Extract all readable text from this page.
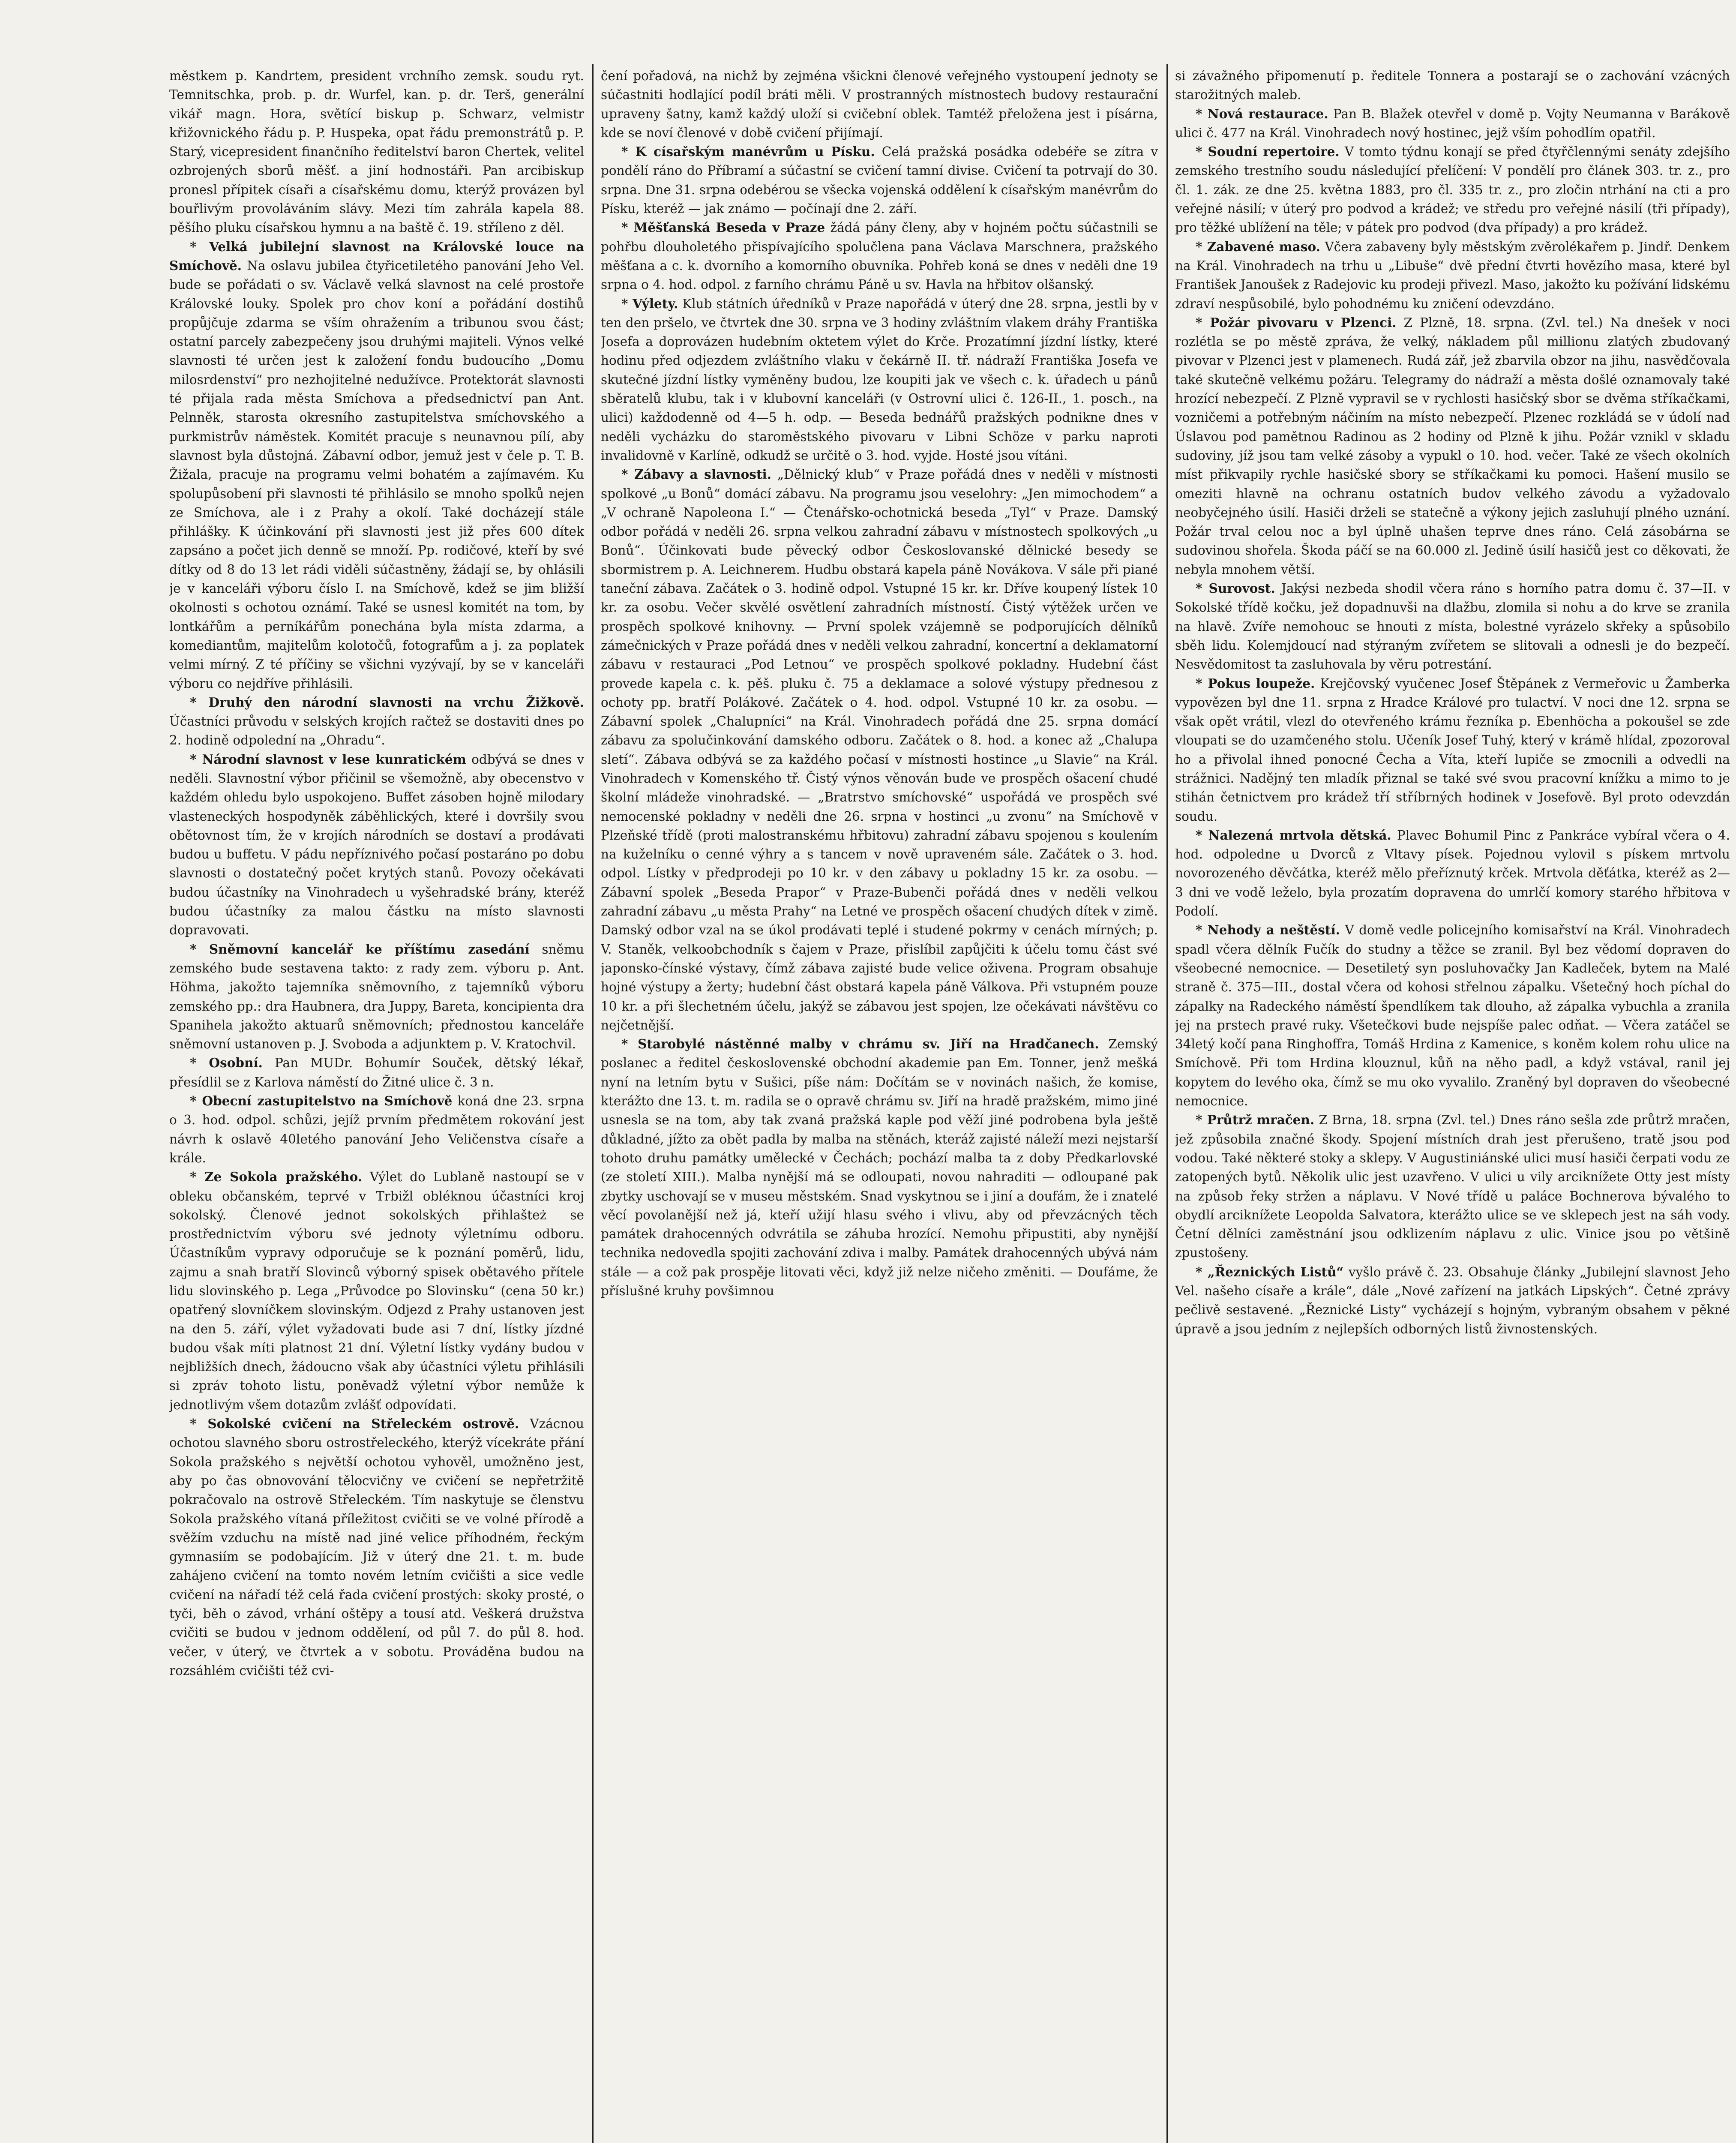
městkem p. Kandrtem, president vrchního zemsk. soudu ryt. Temnitschka, prob. p. dr. Wurfel, kan. p. dr. Terš, generální vikář magn. Hora, světící biskup p. Schwarz, velmistr křižovnického řádu p. P. Huspeka, opat řádu premonstrátů p. P. Starý, vicepresident finančního ředitelství baron Chertek, velitel ozbrojených sborů měšť. a jiní hodnostáři. Pan arcibiskup pronesl přípitek císaři a císařskému domu, kterýž provázen byl bouřlivým provoláváním slávy. Mezi tím zahrála kapela 88. pěšího pluku císařskou hymnu a na baště č. 19. stříleno z děl.

* Velká jubilejní slavnost na Královské louce na Smíchově. Na oslavu jubilea čtyřicetiletého panování Jeho Vel. bude se pořádati o sv. Václavě velká slavnost na celé prostoře Královské louky. Spolek pro chov koní a pořádání dostihů propůjčuje zdarma se vším ohražením a tribunou svou část; ostatní parcely zabezpečeny jsou druhými majiteli. Výnos velké slavnosti té určen jest k založení fondu budoucího „Domu milosrdenství“ pro nezhojitelné nedužívce. Protektorát slavnosti té přijala rada města Smíchova a předsednictví pan Ant. Pelnněk, starosta okresního zastupitelstva smíchovského a purkmistrův náměstek. Komitét pracuje s neunavnou pílí, aby slavnost byla důstojná. Zábavní odbor, jemuž jest v čele p. T. B. Žižala, pracuje na programu velmi bohatém a zajímavém. Ku spolupůsobení při slavnosti té přihlásilo se mnoho spolků nejen ze Smíchova, ale i z Prahy a okolí. Také docházejí stále přihlášky. K účinkování při slavnosti jest již přes 600 dítek zapsáno a počet jich denně se množí. Pp. rodičové, kteří by své dítky od 8 do 13 let rádi viděli súčastněny, žádají se, by ohlásili je v kanceláři výboru číslo I. na Smíchově, kdež se jim bližší okolnosti s ochotou oznámí. Také se usnesl komitét na tom, by lontkářům a perníkářům ponechána byla místa zdarma, a komediantům, majitelům kolotočů, fotografům a j. za poplatek velmi mírný. Z té příčiny se všichni vyzývají, by se v kanceláři výboru co nejdříve přihlásili.

* Druhý den národní slavnosti na vrchu Žižkově. Účastníci průvodu v selských krojích račtež se dostaviti dnes po 2. hodině odpolední na „Ohradu“.

* Národní slavnost v lese kunratickém odbývá se dnes v neděli. Slavnostní výbor přičinil se všemožně, aby obecenstvo v každém ohledu bylo uspokojeno. Buffet zásoben hojně milodary vlasteneckých hospodyněk záběhlických, které i dovršily svou obětovnost tím, že v krojích národních se dostaví a prodávati budou u buffetu. V pádu nepříznivého počasí postaráno po dobu slavnosti o dostatečný počet krytých stanů. Povozy očekávati budou účastníky na Vinohradech u vyšehradské brány, kteréž budou účastníky za malou částku na místo slavnosti dopravovati.

* Sněmovní kancelář ke příštímu zasedání sněmu zemského bude sestavena takto: z rady zem. výboru p. Ant. Höhma, jakožto tajemníka sněmovního, z tajemníků výboru zemského pp.: dra Haubnera, dra Juppy, Bareta, koncipienta dra Spanihela jakožto aktuarů sněmovních; přednostou kanceláře sněmovní ustanoven p. J. Svoboda a adjunktem p. V. Kratochvil.

* Osobní. Pan MUDr. Bohumír Souček, dětský lékař, přesídlil se z Karlova náměstí do Žitné ulice č. 3 n.

* Obecní zastupitelstvo na Smíchově koná dne 23. srpna o 3. hod. odpol. schůzi, jejíž prvním předmětem rokování jest návrh k oslavě 40letého panování Jeho Veličenstva císaře a krále.

* Ze Sokola pražského. Výlet do Lublaně nastoupí se v obleku občanském, teprvé v Trbižl obléknou účastníci kroj sokolský. Členové jednot sokolských přihlašteż se prostřednictvím výboru své jednoty výletnímu odboru. Účastníkům vypravy odporučuje se k poznání poměrů, lidu, zajmu a snah bratří Slovinců výborný spisek obětavého přítele lidu slovinského p. Lega „Průvodce po Slovinsku“ (cena 50 kr.) opatřený slovníčkem slovinským. Odjezd z Prahy ustanoven jest na den 5. září, výlet vyžadovati bude asi 7 dní, lístky jízdné budou však míti platnost 21 dní. Výletní lístky vydány budou v nejbližších dnech, žádoucno však aby účastníci výletu přihlásili si zpráv tohoto listu, poněvadž výletní výbor nemůže k jednotlivým všem dotazům zvlášť odpovídati.

* Sokolské cvičení na Střeleckém ostrově. Vzácnou ochotou slavného sboru ostrostřeleckého, kterýž vícekráte přání Sokola pražského s největší ochotou vyhověl, umožněno jest, aby po čas obnovování tělocvičny ve cvičení se nepřetržitě pokračovalo na ostrově Střeleckém. Tím naskytuje se členstvu Sokola pražského vítaná příležitost cvičiti se ve volné přírodě a svěžím vzduchu na místě nad jiné velice příhodném, řeckým gymnasiím se podobajícím. Již v úterý dne 21. t. m. bude zahájeno cvičení na tomto novém letním cvičišti a sice vedle cvičení na nářadí též celá řada cvičení prostých: skoky prosté, o tyči, běh o závod, vrhání oštěpy a tousí atd. Veškerá družstva cvičiti se budou v jednom oddělení, od půl 7. do půl 8. hod. večer, v úterý, ve čtvrtek a v sobotu. Prováděna budou na rozsáhlém cvičišti též cvi-

čení pořadová, na nichž by zejména všickni členové veřejného vystoupení jednoty se súčastniti hodlající podíl bráti měli. V prostranných místnostech budovy restaurační upraveny šatny, kamž každý uloží si cvičební oblek. Tamtéž přeložena jest i písárna, kde se noví členové v době cvičení přijímají.

* K císařským manévrům u Písku. Celá pražská posádka odebéře se zítra v pondělí ráno do Příbramí a súčastní se cvičení tamní divise. Cvičení ta potrvají do 30. srpna. Dne 31. srpna odebérou se všecka vojenská oddělení k císařským manévrům do Písku, kteréž — jak známo — počínají dne 2. září.

* Měšťanská Beseda v Praze žádá pány členy, aby v hojném počtu súčastnili se pohřbu dlouholetého přispívajícího spolučlena pana Václava Marschnera, pražského měšťana a c. k. dvorního a komorního obuvníka. Pohřeb koná se dnes v neděli dne 19 srpna o 4. hod. odpol. z farního chrámu Páně u sv. Havla na hřbitov olšanský.

* Výlety. Klub státních úředníků v Praze napořádá v úterý dne 28. srpna, jestli by v ten den pršelo, ve čtvrtek dne 30. srpna ve 3 hodiny zvláštním vlakem dráhy Františka Josefa a doprovázen hudebním oktetem výlet do Krče. Prozatímní jízdní lístky, které hodinu před odjezdem zvláštního vlaku v čekárně II. tř. nádraží Františka Josefa ve skutečné jízdní lístky vyměněny budou, lze koupiti jak ve všech c. k. úřadech u pánů sběratelů klubu, tak i v klubovní kanceláři (v Ostrovní ulici č. 126-II., 1. posch., na ulici) každodenně od 4—5 h. odp. — Beseda bednářů pražských podnikne dnes v neděli vycházku do staroměstského pivovaru v Libni Schöze v parku naproti invalidovně v Karlíně, odkudž se určitě o 3. hod. vyjde. Hosté jsou vítáni.

* Zábavy a slavnosti. „Dělnický klub“ v Praze pořádá dnes v neděli v místnosti spolkové „u Bonů“ domácí zábavu. Na programu jsou veselohry: „Jen mimochodem“ a „V ochraně Napoleona I.“ — Čtenářsko-ochotnická beseda „Tyl“ v Praze. Damský odbor pořádá v neděli 26. srpna velkou zahradní zábavu v místnostech spolkových „u Bonů“. Účinkovati bude pěvecký odbor Českoslovanské dělnické besedy se sbormistrem p. A. Leichnerem. Hudbu obstará kapela páně Novákova. V sále při piané taneční zábava. Začátek o 3. hodině odpol. Vstupné 15 kr. kr. Dříve koupený lístek 10 kr. za osobu. Večer skvělé osvětlení zahradních místností. Čistý výtěžek určen ve prospěch spolkové knihovny. — První spolek vzájemně se podporujících dělníků zámečnických v Praze pořádá dnes v neděli velkou zahradní, koncertní a deklamatorní zábavu v restauraci „Pod Letnou“ ve prospěch spolkové pokladny. Hudební část provede kapela c. k. pěš. pluku č. 75 a deklamace a solové výstupy přednesou z ochoty pp. bratří Polákové. Začátek o 4. hod. odpol. Vstupné 10 kr. za osobu. — Zábavní spolek „Chalupníci“ na Král. Vinohradech pořádá dne 25. srpna domácí zábavu za spolučinkování damského odboru. Začátek o 8. hod. a konec až „Chalupa sletí“. Zábava odbývá se za každého počasí v místnosti hostince „u Slavie“ na Král. Vinohradech v Komenského tř. Čistý výnos věnován bude ve prospěch ošacení chudé školní mládeže vinohradské. — „Bratrstvo smíchovské“ uspořádá ve prospěch své nemocenské pokladny v neděli dne 26. srpna v hostinci „u zvonu“ na Smíchově v Plzeňské třídě (proti malostranskému hřbitovu) zahradní zábavu spojenou s koulením na kuželníku o cenné výhry a s tancem v nově upraveném sále. Začátek o 3. hod. odpol. Lístky v předprodeji po 10 kr. v den zábavy u pokladny 15 kr. za osobu. — Zábavní spolek „Beseda Prapor“ v Praze-Bubenči pořádá dnes v neděli velkou zahradní zábavu „u města Prahy“ na Letné ve prospěch ošacení chudých dítek v zimě. Damský odbor vzal na se úkol prodávati teplé i studené pokrmy v cenách mírných; p. V. Staněk, velkoobchodník s čajem v Praze, přislíbil zapůjčiti k účelu tomu část své japonsko-čínské výstavy, čímž zábava zajisté bude velice oživena. Program obsahuje hojné výstupy a žerty; hudební část obstará kapela páně Válkova. Při vstupném pouze 10 kr. a při šlechetném účelu, jakýž se zábavou jest spojen, lze očekávati návštěvu co nejčetnější.

* Starobylé nástěnné malby v chrámu sv. Jiří na Hradčanech. Zemský poslanec a ředitel československé obchodní akademie pan Em. Tonner, jenž mešká nyní na letním bytu v Sušici, píše nám: Dočítám se v novinách našich, že komise, kterážto dne 13. t. m. radila se o opravě chrámu sv. Jiří na hradě pražském, mimo jiné usnesla se na tom, aby tak zvaná pražská kaple pod věží jiné podrobena byla ještě důkladné, jížto za obět padla by malba na stěnách, kteráž zajisté náleží mezi nejstarší tohoto druhu památky umělecké v Čechách; pochází malba ta z doby Předkarlovské (ze století XIII.). Malba nynější má se odloupati, novou nahraditi — odloupané pak zbytky uschovají se v museu městském. Snad vyskytnou se i jiní a doufám, že i znatelé věcí povolanější než já, kteří užijí hlasu svého i vlivu, aby od převzácných těch památek drahocenných odvrátila se záhuba hrozící. Nemohu připustiti, aby nynější technika nedovedla spojiti zachování zdiva i malby. Památek drahocenných ubývá nám stále — a což pak prospěje litovati věci, když již nelze ničeho změniti. — Doufáme, že příslušné kruhy povšimnou

si závažného připomenutí p. ředitele Tonnera a postarají se o zachování vzácných starožitných maleb.

* Nová restaurace. Pan B. Blažek otevřel v domě p. Vojty Neumanna v Barákově ulici č. 477 na Král. Vinohradech nový hostinec, jejž vším pohodlím opatřil.

* Soudní repertoire. V tomto týdnu konají se před čtyřčlennými senáty zdejšího zemského trestního soudu následující přelíčení: V pondělí pro článek 303. tr. z., pro čl. 1. zák. ze dne 25. května 1883, pro čl. 335 tr. z., pro zločin ntrhání na cti a pro veřejné násilí; v úterý pro podvod a krádež; ve středu pro veřejné násilí (tři případy), pro těžké ublížení na těle; v pátek pro podvod (dva případy) a pro krádež.

* Zabavené maso. Včera zabaveny byly městským zvěrolékařem p. Jindř. Denkem na Král. Vinohradech na trhu u „Libuše“ dvě přední čtvrti hovězího masa, které byl František Janoušek z Radejovic ku prodeji přivezl. Maso, jakožto ku požívání lidskému zdraví nespůsobilé, bylo pohodnému ku zničení odevzdáno.

* Požár pivovaru v Plzenci. Z Plzně, 18. srpna. (Zvl. tel.) Na dnešek v noci rozlétla se po městě zpráva, že velký, nákladem půl millionu zlatých zbudovaný pivovar v Plzenci jest v plamenech. Rudá zář, jež zbarvila obzor na jihu, nasvědčovala také skutečně velkému požáru. Telegramy do nádraží a města došlé oznamovaly také hrozící nebezpečí. Z Plzně vypravil se v rychlosti hasičský sbor se dvěma stříkačkami, vozničemi a potřebným náčiním na místo nebezpečí. Plzenec rozkládá se v údolí nad Úslavou pod pamětnou Radinou as 2 hodiny od Plzně k jihu. Požár vznikl v skladu sudoviny, jíž jsou tam velké zásoby a vypukl o 10. hod. večer. Také ze všech okolních míst přikvapily rychle hasičské sbory se stříkačkami ku pomoci. Hašení musilo se omeziti hlavně na ochranu ostatních budov velkého závodu a vyžadovalo neobyčejného úsilí. Hasiči drželi se statečně a výkony jejich zasluhují plného uznání. Požár trval celou noc a byl úplně uhašen teprve dnes ráno. Celá zásobárna se sudovinou shořela. Škoda páčí se na 60.000 zl. Jedině úsilí hasičů jest co děkovati, že nebyla mnohem větší.

* Surovost. Jakýsi nezbeda shodil včera ráno s horního patra domu č. 37—II. v Sokolské třídě kočku, jež dopadnuvši na dlažbu, zlomila si nohu a do krve se zranila na hlavě. Zvíře nemohouc se hnouti z místa, bolestné vyrázelo skřeky a spůsobilo sběh lidu. Kolemjdoucí nad stýraným zvířetem se slitovali a odnesli je do bezpečí. Nesvědomitost ta zasluhovala by věru potrestání.

* Pokus loupeže. Krejčovský vyučenec Josef Štěpánek z Vermeřovic u Žamberka vypovězen byl dne 11. srpna z Hradce Králové pro tulactví. V noci dne 12. srpna se však opět vrátil, vlezl do otevřeného krámu řezníka p. Ebenhöcha a pokoušel se zde vloupati se do uzamčeného stolu. Učeník Josef Tuhý, který v krámě hlídal, zpozoroval ho a přivolal ihned ponocné Čecha a Víta, kteří lupiče se zmocnili a odvedli na strážnici. Nadějný ten mladík přiznal se také své svou pracovní knížku a mimo to je stihán četnictvem pro krádež tří stříbrných hodinek v Josefově. Byl proto odevzdán soudu.

* Nalezená mrtvola dětská. Plavec Bohumil Pinc z Pankráce vybíral včera o 4. hod. odpoledne u Dvorců z Vltavy písek. Pojednou vylovil s pískem mrtvolu novorozeného děvčátka, kteréž mělo přeříznutý krček. Mrtvola děťátka, kteréž as 2—3 dni ve vodě leželo, byla prozatím dopravena do umrlčí komory starého hřbitova v Podolí.

* Nehody a neštěstí. V domě vedle policejního komisařství na Král. Vinohradech spadl včera dělník Fučík do studny a těžce se zranil. Byl bez vědomí dopraven do všeobecné nemocnice. — Desetiletý syn posluhovačky Jan Kadleček, bytem na Malé straně č. 375—III., dostal včera od kohosi střelnou zápalku. Všetečný hoch píchal do zápalky na Radeckého náměstí špendlíkem tak dlouho, až zápalka vybuchla a zranila jej na prstech pravé ruky. Všetečkovi bude nejspíše palec odňat. — Včera zatáčel se 34letý kočí pana Ringhoffra, Tomáš Hrdina z Kamenice, s koněm kolem rohu ulice na Smíchově. Při tom Hrdina klouznul, kůň na něho padl, a když vstával, ranil jej kopytem do levého oka, čímž se mu oko vyvalilo. Zraněný byl dopraven do všeobecné nemocnice.

* Průtrž mračen. Z Brna, 18. srpna (Zvl. tel.) Dnes ráno sešla zde průtrž mračen, jež způsobila značné škody. Spojení místních drah jest přerušeno, tratě jsou pod vodou. Také některé stoky a sklepy. V Augustiniánské ulici musí hasiči čerpati vodu ze zatopených bytů. Několik ulic jest uzavřeno. V ulici u vily arciknížete Otty jest místy na způsob řeky stržen a náplavu. V Nové třídě u paláce Bochnerova bývalého to obydlí arciknížete Leopolda Salvatora, kterážto ulice se ve sklepech jest na sáh vody. Četní dělníci zaměstnání jsou odklizením náplavu z ulic. Vinice jsou po většině zpustošeny.

* „Řeznických Listů“ vyšlo právě č. 23. Obsahuje články „Jubilejní slavnost Jeho Vel. našeho císaře a krále“, dále „Nové zařízení na jatkách Lipských“. Četné zprávy pečlivě sestavené. „Řeznické Listy“ vycházejí s hojným, vybraným obsahem v pěkné úpravě a jsou jedním z nejlepších odborných listů živnostenských.
